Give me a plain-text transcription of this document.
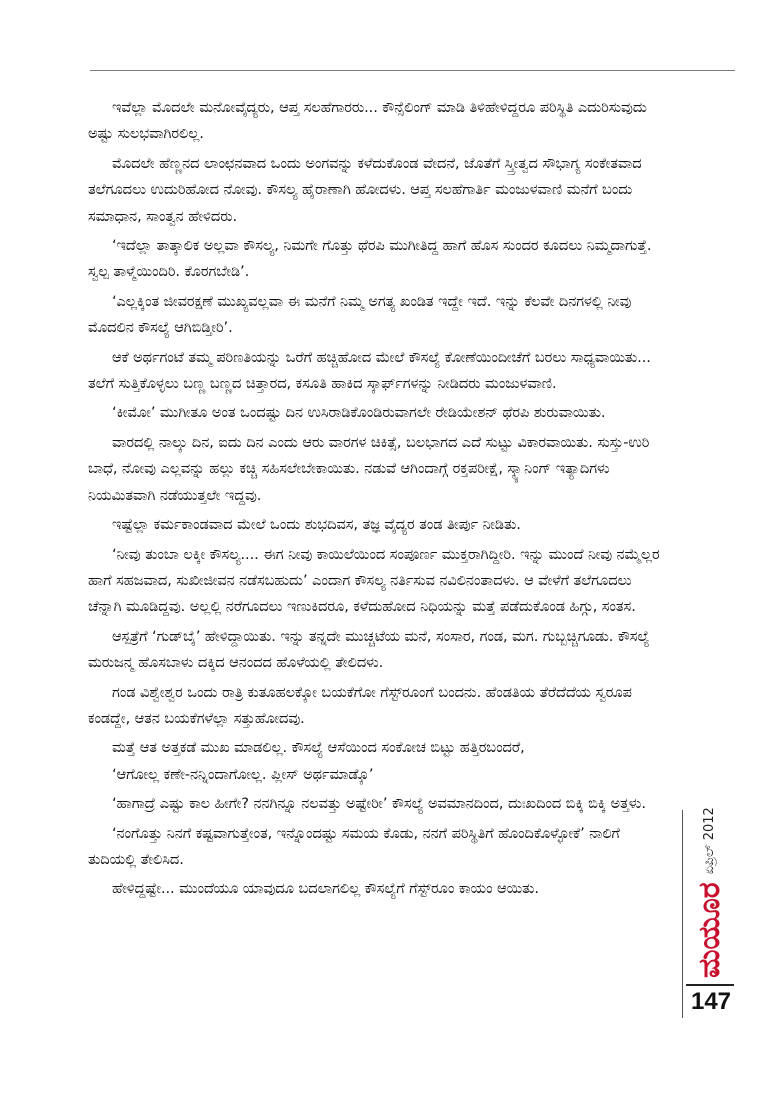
ಇವೆಲ್ಲಾ ಮೊದಲೇ ಮನೋವೈದ್ಯರು, ಆಪ್ತ ಸಲಹೆಗಾರರು... ಕೌನ್ಸೆಲಿಂಗ್ ಮಾಡಿ ತಿಳಿಹೇಳಿದ್ದರೂ ಪರಿಸ್ಥಿತಿ ಎದುರಿಸುವುದು ಅಷ್ಟು ಸುಲಭವಾಗಿರಲಿಲ್ಲ.

ಮೊದಲೇ ಹೆಣ್ಣನದ ಲಾಂಛನವಾದ ಒಂದು ಅಂಗವನ್ನು ಕಳೆದುಕೊಂಡ ವೇದನೆ, ಜೊತೆಗೆ ಸ್ತ್ರೀತ್ವದ ಸೌಭಾಗ್ಯ ಸಂಕೇತವಾದ ತಲೆಗೂದಲು ಉದುರಿಹೋದ ನೋವು. ಕೌಸಲ್ಯ ಹೈರಾಣಾಗಿ ಹೋದಳು. ಆಪ್ತ ಸಲಹೆಗಾರ್ತಿ ಮಂಜುಳವಾಣಿ ಮನೆಗೆ ಬಂದು ಸಮಾಧಾನ, ಸಾಂತ್ವನ ಹೇಳಿದರು.

‘ಇದೆಲ್ಲಾ ತಾತ್ಕಾಲಿಕ ಅಲ್ಲವಾ ಕೌಸಲ್ಯ, ನಿಮಗೇ ಗೊತ್ತು ಥೆರಪಿ ಮುಗೀತಿದ್ದ ಹಾಗೆ ಹೊಸ ಸುಂದರ ಕೂದಲು ನಿಮ್ಮದಾಗುತ್ತೆ. ಸ್ವಲ್ಪ ತಾಳ್ಮೆಯಿಂದಿರಿ. ಕೊರಗಬೇಡಿ’.

‘ಎಲ್ಲಕ್ಕಿಂತ ಜೀವರಕ್ಷಣೆ ಮುಖ್ಯವಲ್ಲವಾ ಈ ಮನೆಗೆ ನಿಮ್ಮ ಅಗತ್ಯ ಖಂಡಿತ ಇದ್ದೇ ಇದೆ. ಇನ್ನು ಕೆಲವೇ ದಿನಗಳಲ್ಲಿ ನೀವು ಮೊದಲಿನ ಕೌಸಲ್ಯೆ ಆಗಿಬಿಡ್ತೀರಿ’.

ಆಕೆ ಅರ್ಥಗಂಟೆ ತಮ್ಮ ಪರಿಣತಿಯನ್ನು ಒರೆಗೆ ಹಚ್ಚಿಹೋದ ಮೇಲೆ ಕೌಸಲ್ಯೆ ಕೋಣೆಯಿಂದೀಚೆಗೆ ಬರಲು ಸಾಧ್ಯವಾಯಿತು... ತಲೆಗೆ ಸುತ್ತಿಕೊಳ್ಳಲು ಬಣ್ಣ ಬಣ್ಣದ ಚಿತ್ತಾರದ, ಕಸೂತಿ ಹಾಕಿದ ಸ್ಕಾರ್ಫ್‌ಗಳನ್ನು ನೀಡಿದರು ಮಂಜುಳವಾಣಿ.

‘ಕೀಮೋ’ ಮುಗೀತೂ ಅಂತ ಒಂದಷ್ಟು ದಿನ ಉಸಿರಾಡಿಕೊಂಡಿರುವಾಗಲೇ ರೇಡಿಯೇಶನ್ ಥೆರಪಿ ಶುರುವಾಯಿತು.

ವಾರದಲ್ಲಿ ನಾಲ್ಕು ದಿನ, ಐದು ದಿನ ಎಂದು ಆರು ವಾರಗಳ ಚಿಕಿತ್ಸೆ, ಬಲಭಾಗದ ಎದೆ ಸುಟ್ಟು ವಿಕಾರವಾಯಿತು. ಸುಸ್ತು-ಉರಿ ಬಾಧೆ, ನೋವು ಎಲ್ಲವನ್ನು ಹಲ್ಲು ಕಚ್ಚಿ ಸಹಿಸಲೇಬೇಕಾಯಿತು. ನಡುವೆ ಆಗಿಂದಾಗ್ಗೆ ರಕ್ತಪರೀಕ್ಷೆ, ಸ್ಕ್ಯಾನಿಂಗ್ ಇತ್ಯಾದಿಗಳು ನಿಯಮಿತವಾಗಿ ನಡೆಯುತ್ತಲೇ ಇದ್ದವು.

ಇಷ್ಟೆಲ್ಲಾ ಕರ್ಮಕಾಂಡವಾದ ಮೇಲೆ ಒಂದು ಶುಭದಿವಸ, ತಜ್ಞ ವೈದ್ಯರ ತಂಡ ತೀರ್ಪು ನೀಡಿತು.

‘ನೀವು ತುಂಬಾ ಲಕ್ಕೀ ಕೌಸಲ್ಯ.... ಈಗ ನೀವು ಕಾಯಿಲೆಯಿಂದ ಸಂಪೂರ್ಣ ಮುಕ್ತರಾಗಿದ್ದೀರಿ. ಇನ್ನು ಮುಂದೆ ನೀವು ನಮ್ಮೆಲ್ಲರ ಹಾಗೆ ಸಹಜವಾದ, ಸುಖೀಜೀವನ ನಡೆಸಬಹುದು’ ಎಂದಾಗ ಕೌಸಲ್ಯ ನರ್ತಿಸುವ ನವಿಲಿನಂತಾದಳು. ಆ ವೇಳೆಗೆ ತಲೆಗೂದಲು ಚೆನ್ನಾಗಿ ಮೂಡಿದ್ದವು. ಅಲ್ಲಲ್ಲಿ ನರೆಗೂದಲು ಇಣುಕಿದರೂ, ಕಳೆದುಹೋದ ನಿಧಿಯನ್ನು ಮತ್ತೆ ಪಡೆದುಕೊಂಡ ಹಿಗ್ಗು, ಸಂತಸ.

ಆಸ್ಪತ್ರೆಗೆ ‘ಗುಡ್‌ಬೈ’ ಹೇಳಿದ್ದಾಯಿತು. ಇನ್ನು ತನ್ನದೇ ಮುಚ್ಚಟೆಯ ಮನೆ, ಸಂಸಾರ, ಗಂಡ, ಮಗ. ಗುಬ್ಬಚ್ಚಿಗೂಡು. ಕೌಸಲ್ಯೆ ಮರುಜನ್ಮ ಹೊಸಬಾಳು ದಕ್ಕಿದ ಆನಂದದ ಹೊಳೆಯಲ್ಲಿ ತೇಲಿದಳು.

ಗಂಡ ವಿಶ್ವೇಶ್ವರ ಒಂದು ರಾತ್ರಿ ಕುತೂಹಲಕ್ಕೋ ಬಯಕೆಗೋ ಗೆಸ್ಟ್‌ರೂಂಗೆ ಬಂದನು. ಹೆಂಡತಿಯ ತೆರೆದೆದೆಯ ಸ್ವರೂಪ ಕಂಡದ್ದೇ, ಆತನ ಬಯಕೆಗಳೆಲ್ಲಾ ಸತ್ತುಹೋದವು.

ಮತ್ತೆ ಆತ ಅತ್ತಕಡೆ ಮುಖ ಮಾಡಲಿಲ್ಲ. ಕೌಸಲ್ಯೆ ಆಸೆಯಿಂದ ಸಂಕೋಚ ಬಿಟ್ಟು ಹತ್ತಿರಬಂದರೆ,

‘ಆಗೋಲ್ಲ ಕಣೇ-ನನ್ನಿಂದಾಗೋಲ್ಲ. ಪ್ಲೀಸ್ ಅರ್ಥಮಾಡ್ಕೊ’

‘ಹಾಗಾದ್ರೆ ಎಷ್ಟು ಕಾಲ ಹೀಗೇ? ನನಗಿನ್ನೂ ನಲವತ್ತು ಅಷ್ಟೇರೀ’ ಕೌಸಲ್ಯೆ ಅವಮಾನದಿಂದ, ದುಃಖದಿಂದ ಬಿಕ್ಕಿ ಬಿಕ್ಕಿ ಅತ್ತಳು.

‘ನಂಗೊತ್ತು ನಿನಗೆ ಕಷ್ಟವಾಗುತ್ತೇಂತ, ಇನ್ನೊಂದಷ್ಟು ಸಮಯ ಕೊಡು, ನನಗೆ ಪರಿಸ್ಥಿತಿಗೆ ಹೊಂದಿಕೊಳ್ಳೋಕೆ’ ನಾಲಿಗೆ ತುದಿಯಲ್ಲಿ ತೇಲಿಸಿದ.

ಹೇಳಿದ್ದಷ್ಟೇ... ಮುಂದೆಯೂ ಯಾವುದೂ ಬದಲಾಗಲಿಲ್ಲ ಕೌಸಲ್ಯೆಗೆ ಗೆಸ್ಟ್‌ರೂಂ ಕಾಯಂ ಆಯಿತು.	ಮಯೂರ
ಏಪ್ರಿಲ್ 2012
147
